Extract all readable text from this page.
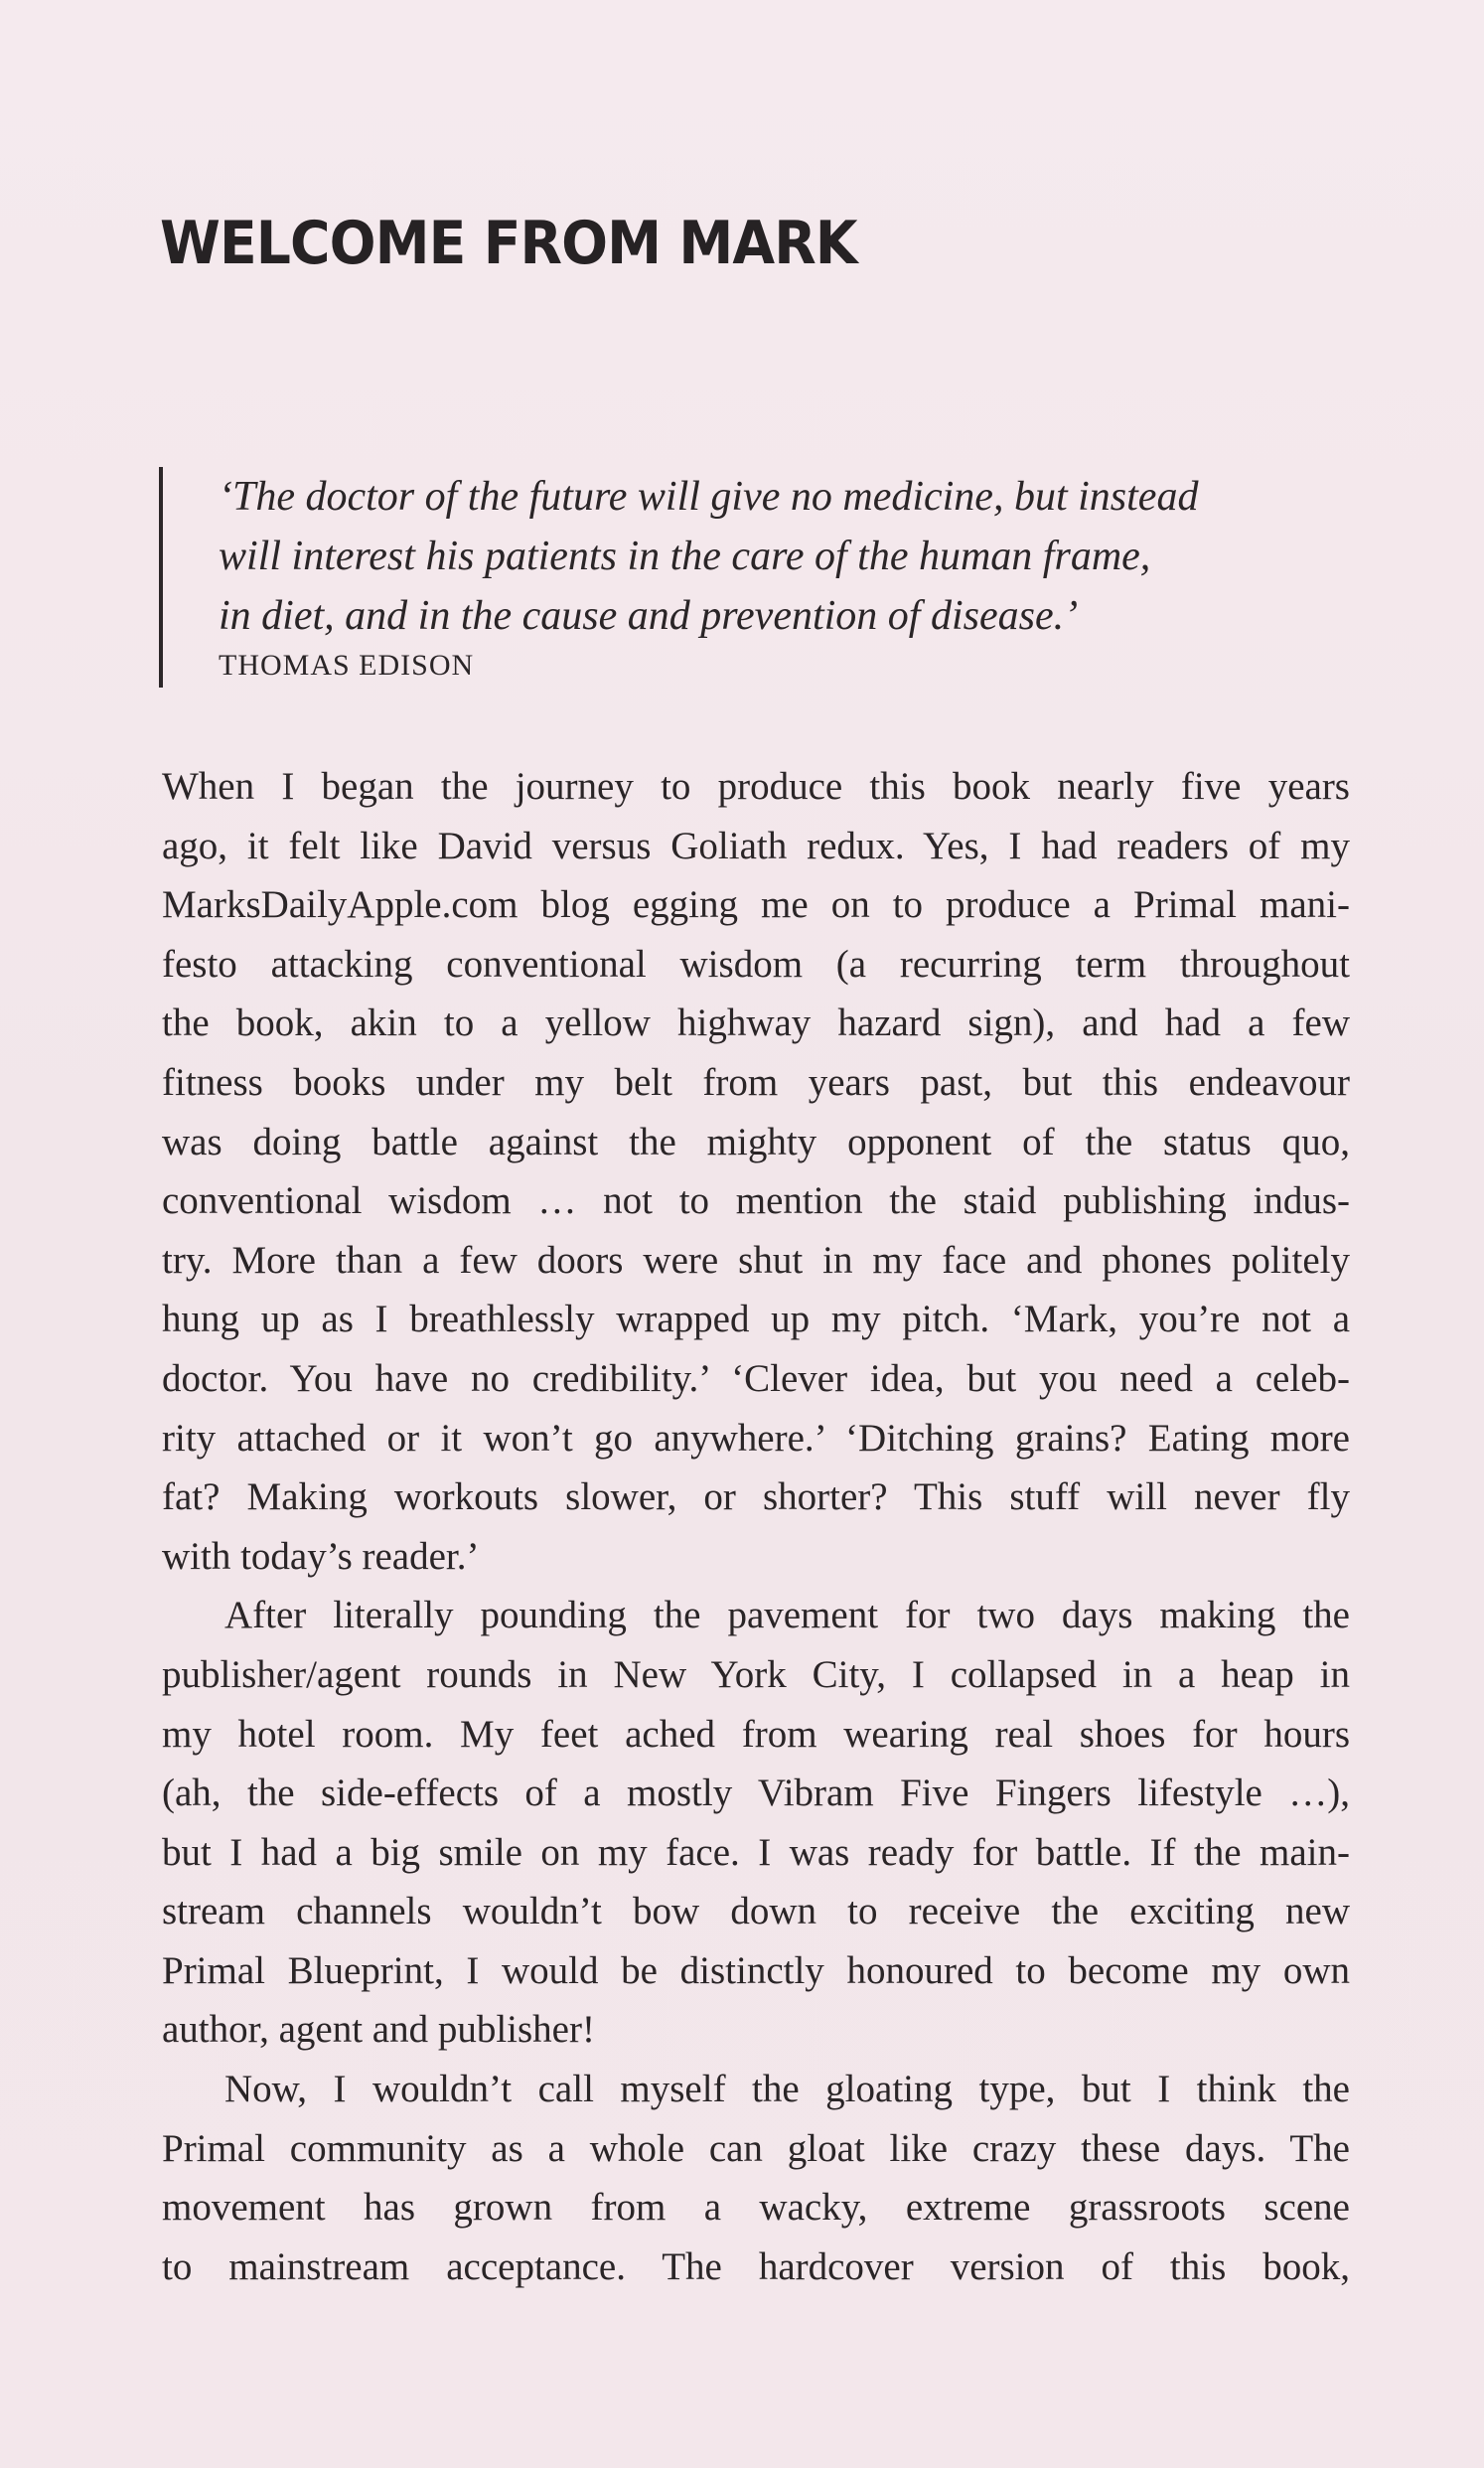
WELCOME FROM MARK

‘The doctor of the future will give no medicine, but instead
will interest his patients in the care of the human frame,
in diet, and in the cause and prevention of disease.’

THOMAS EDISON

When I began the journey to produce this book nearly five years
ago, it felt like David versus Goliath redux. Yes, I had readers of my
MarksDailyApple.com blog egging me on to produce a Primal mani-
festo attacking conventional wisdom (a recurring term throughout
the book, akin to a yellow highway hazard sign), and had a few
fitness books under my belt from years past, but this endeavour
was doing battle against the mighty opponent of the status quo,
conventional wisdom … not to mention the staid publishing indus-
try. More than a few doors were shut in my face and phones politely
hung up as I breathlessly wrapped up my pitch. ‘Mark, you’re not a
doctor. You have no credibility.’ ‘Clever idea, but you need a celeb-
rity attached or it won’t go anywhere.’ ‘Ditching grains? Eating more
fat? Making workouts slower, or shorter? This stuff will never fly
with today’s reader.’
After literally pounding the pavement for two days making the
publisher/agent rounds in New York City, I collapsed in a heap in
my hotel room. My feet ached from wearing real shoes for hours
(ah, the side-effects of a mostly Vibram Five Fingers lifestyle …),
but I had a big smile on my face. I was ready for battle. If the main-
stream channels wouldn’t bow down to receive the exciting new
Primal Blueprint, I would be distinctly honoured to become my own
author, agent and publisher!
Now, I wouldn’t call myself the gloating type, but I think the
Primal community as a whole can gloat like crazy these days. The
movement has grown from a wacky, extreme grassroots scene
to mainstream acceptance. The hardcover version of this book,
